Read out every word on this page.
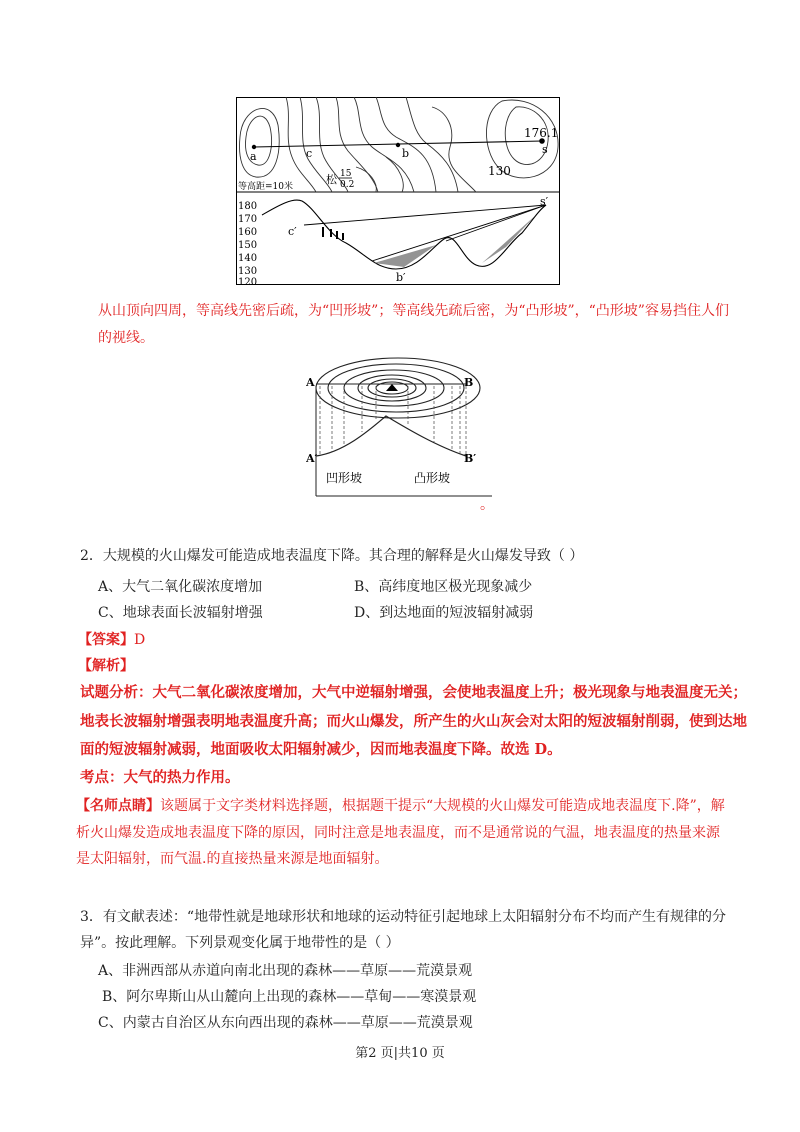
a	c	b	s
176.1
130
松 15
0.2
等高距=10米
180
170
160
150
140
130
120
c′
b′
s′
从山顶向四周，等高线先密后疏，为“凹形坡”；等高线先疏后密，为“凸形坡”，“凸形坡”容易挡住人们的视线。
A	B
A′	B′
凹形坡	凸形坡
。
2．大规模的火山爆发可能造成地表温度下降。其合理的解释是火山爆发导致（ ）
A、大气二氧化碳浓度增加	B、高纬度地区极光现象减少
C、地球表面长波辐射增强	D、到达地面的短波辐射减弱
【答案】D
【解析】
试题分析：大气二氧化碳浓度增加，大气中逆辐射增强，会使地表温度上升；极光现象与地表温度无关；
地表长波辐射增强表明地表温度升高；而火山爆发，所产生的火山灰会对太阳的短波辐射削弱，使到达地
面的短波辐射减弱，地面吸收太阳辐射减少，因而地表温度下降。故选 D。
考点：大气的热力作用。
【名师点睛】该题属于文字类材料选择题，根据题干提示“大规模的火山爆发可能造成地表温度下.降”，解
析火山爆发造成地表温度下降的原因，同时注意是地表温度，而不是通常说的气温，地表温度的热量来源
是太阳辐射，而气温.的直接热量来源是地面辐射。
3．有文献表述：“地带性就是地球形状和地球的运动特征引起地球上太阳辐射分布不均而产生有规律的分
异”。按此理解。下列景观变化属于地带性的是（ ）
A、非洲西部从赤道向南北出现的森林——草原——荒漠景观
B、阿尔卑斯山从山麓向上出现的森林——草甸——寒漠景观
C、内蒙古自治区从东向西出现的森林——草原——荒漠景观
第2 页|共10 页
